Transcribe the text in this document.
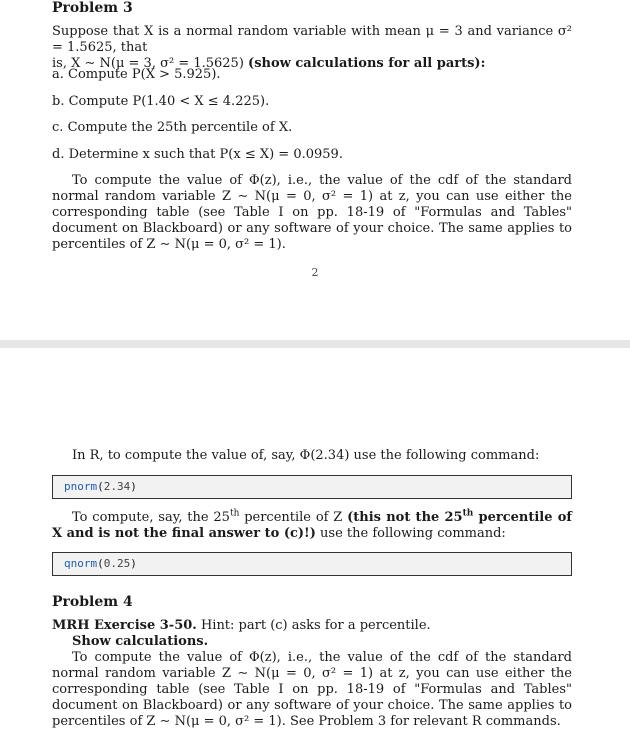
Problem 3
Suppose that X is a normal random variable with mean μ = 3 and variance σ² = 1.5625, that
is, X ∼ N(μ = 3, σ² = 1.5625) (show calculations for all parts):
a. Compute P(X > 5.925).
b. Compute P(1.40 < X ≤ 4.225).
c. Compute the 25th percentile of X.
d. Determine x such that P(x ≤ X) = 0.0959.
To compute the value of Φ(z), i.e., the value of the cdf of the standard normal random variable Z ∼ N(μ = 0, σ² = 1) at z, you can use either the corresponding table (see Table I on pp. 18-19 of "Formulas and Tables" document on Blackboard) or any software of your choice. The same applies to percentiles of Z ∼ N(μ = 0, σ² = 1).
2
In R, to compute the value of, say, Φ(2.34) use the following command:
pnorm(2.34)
To compute, say, the 25th percentile of Z (this not the 25th percentile of X and is not the final answer to (c)!) use the following command:
qnorm(0.25)
Problem 4
MRH Exercise 3-50. Hint: part (c) asks for a percentile.
Show calculations.
To compute the value of Φ(z), i.e., the value of the cdf of the standard normal random variable Z ∼ N(μ = 0, σ² = 1) at z, you can use either the corresponding table (see Table I on pp. 18-19 of "Formulas and Tables" document on Blackboard) or any software of your choice. The same applies to percentiles of Z ∼ N(μ = 0, σ² = 1). See Problem 3 for relevant R commands.
